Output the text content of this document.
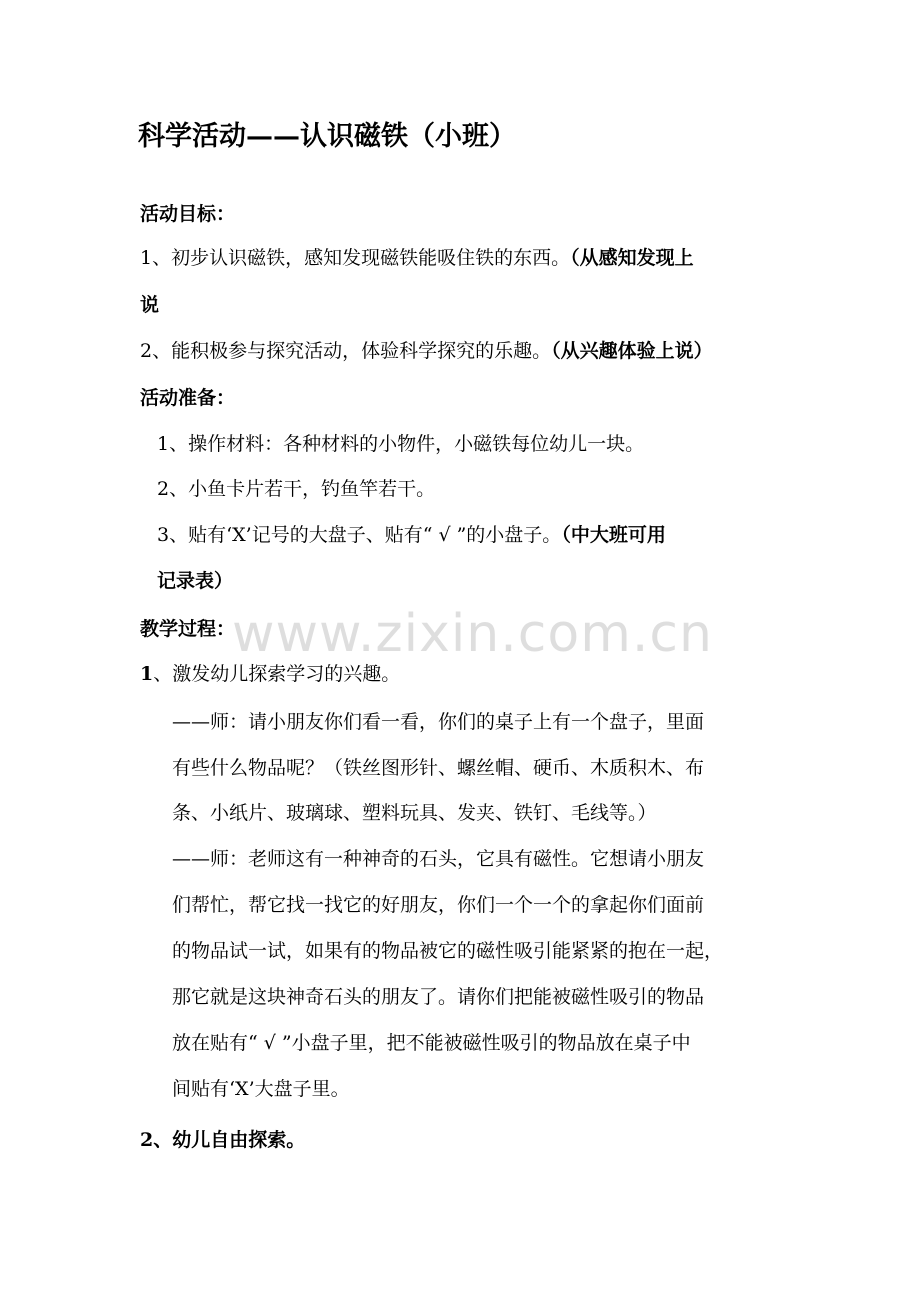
科学活动——认识磁铁（小班）
活动目标：
1、初步认识磁铁，感知发现磁铁能吸住铁的东西。（从感知发现上
说
2、能积极参与探究活动，体验科学探究的乐趣。（从兴趣体验上说）
活动准备：
1、操作材料：各种材料的小物件，小磁铁每位幼儿一块。
2、小鱼卡片若干，钓鱼竿若干。
3、贴有‘X’记号的大盘子、贴有“ √ ”的小盘子。（中大班可用
记录表）
教学过程：
1、激发幼儿探索学习的兴趣。
——师：请小朋友你们看一看，你们的桌子上有一个盘子，里面
有些什么物品呢？（铁丝图形针、螺丝帽、硬币、木质积木、布
条、小纸片、玻璃球、塑料玩具、发夹、铁钉、毛线等。）
——师：老师这有一种神奇的石头，它具有磁性。它想请小朋友
们帮忙，帮它找一找它的好朋友，你们一个一个的拿起你们面前
的物品试一试，如果有的物品被它的磁性吸引能紧紧的抱在一起，
那它就是这块神奇石头的朋友了。请你们把能被磁性吸引的物品
放在贴有“ √ ”小盘子里，把不能被磁性吸引的物品放在桌子中
间贴有‘X’大盘子里。
2、幼儿自由探索。
www.zixin.com.cn
